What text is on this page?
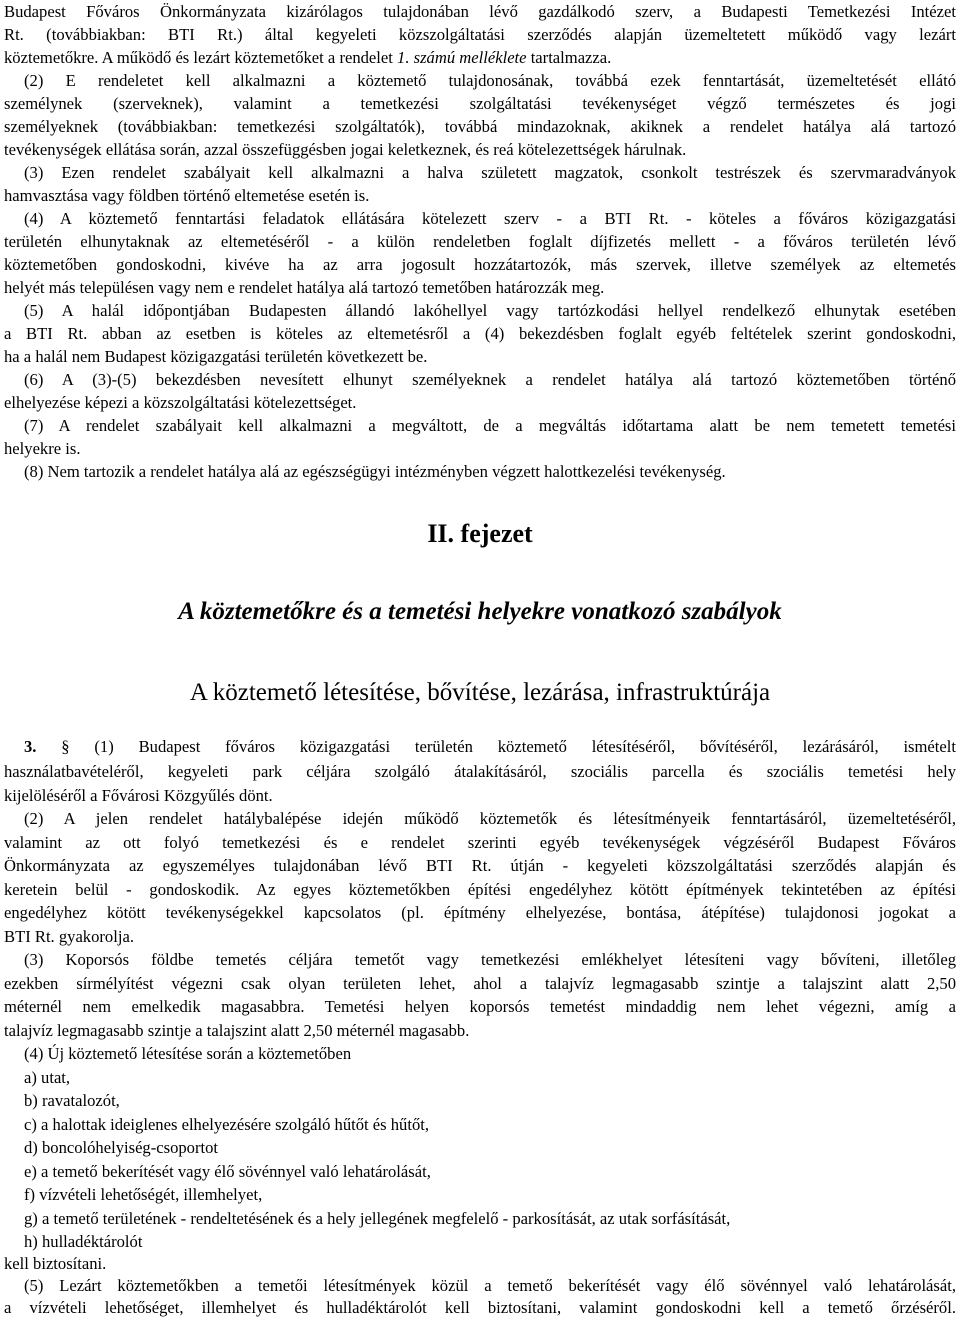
Budapest Főváros Önkormányzata kizárólagos tulajdonában lévő gazdálkodó szerv, a Budapesti Temetkezési Intézet
Rt. (továbbiakban: BTI Rt.) által kegyeleti közszolgáltatási szerződés alapján üzemeltetett működő vagy lezárt
köztemetőkre. A működő és lezárt köztemetőket a rendelet 1. számú melléklete tartalmazza.
(2) E rendeletet kell alkalmazni a köztemető tulajdonosának, továbbá ezek fenntartását, üzemeltetését ellátó
személynek (szerveknek), valamint a temetkezési szolgáltatási tevékenységet végző természetes és jogi
személyeknek (továbbiakban: temetkezési szolgáltatók), továbbá mindazoknak, akiknek a rendelet hatálya alá tartozó
tevékenységek ellátása során, azzal összefüggésben jogai keletkeznek, és reá kötelezettségek hárulnak.
(3) Ezen rendelet szabályait kell alkalmazni a halva született magzatok, csonkolt testrészek és szervmaradványok
hamvasztása vagy földben történő eltemetése esetén is.
(4) A köztemető fenntartási feladatok ellátására kötelezett szerv - a BTI Rt. - köteles a főváros közigazgatási
területén elhunytaknak az eltemetéséről - a külön rendeletben foglalt díjfizetés mellett - a főváros területén lévő
köztemetőben gondoskodni, kivéve ha az arra jogosult hozzátartozók, más szervek, illetve személyek az eltemetés
helyét más településen vagy nem e rendelet hatálya alá tartozó temetőben határozzák meg.
(5) A halál időpontjában Budapesten állandó lakóhellyel vagy tartózkodási hellyel rendelkező elhunytak esetében
a BTI Rt. abban az esetben is köteles az eltemetésről a (4) bekezdésben foglalt egyéb feltételek szerint gondoskodni,
ha a halál nem Budapest közigazgatási területén következett be.
(6) A (3)-(5) bekezdésben nevesített elhunyt személyeknek a rendelet hatálya alá tartozó köztemetőben történő
elhelyezése képezi a közszolgáltatási kötelezettséget.
(7) A rendelet szabályait kell alkalmazni a megváltott, de a megváltás időtartama alatt be nem temetett temetési
helyekre is.
(8) Nem tartozik a rendelet hatálya alá az egészségügyi intézményben végzett halottkezelési tevékenység.
II. fejezet
A köztemetőkre és a temetési helyekre vonatkozó szabályok
A köztemető létesítése, bővítése, lezárása, infrastruktúrája
3. § (1) Budapest főváros közigazgatási területén köztemető létesítéséről, bővítéséről, lezárásáról, ismételt
használatbavételéről, kegyeleti park céljára szolgáló átalakításáról, szociális parcella és szociális temetési hely
kijelöléséről a Fővárosi Közgyűlés dönt.
(2) A jelen rendelet hatálybalépése idején működő köztemetők és létesítményeik fenntartásáról, üzemeltetéséről,
valamint az ott folyó temetkezési és e rendelet szerinti egyéb tevékenységek végzéséről Budapest Főváros
Önkormányzata az egyszemélyes tulajdonában lévő BTI Rt. útján - kegyeleti közszolgáltatási szerződés alapján és
keretein belül - gondoskodik. Az egyes köztemetőkben építési engedélyhez kötött építmények tekintetében az építési
engedélyhez kötött tevékenységekkel kapcsolatos (pl. építmény elhelyezése, bontása, átépítése) tulajdonosi jogokat a
BTI Rt. gyakorolja.
(3) Koporsós földbe temetés céljára temetőt vagy temetkezési emlékhelyet létesíteni vagy bővíteni, illetőleg
ezekben sírmélyítést végezni csak olyan területen lehet, ahol a talajvíz legmagasabb szintje a talajszint alatt 2,50
méternél nem emelkedik magasabbra. Temetési helyen koporsós temetést mindaddig nem lehet végezni, amíg a
talajvíz legmagasabb szintje a talajszint alatt 2,50 méternél magasabb.
(4) Új köztemető létesítése során a köztemetőben
a) utat,
b) ravatalozót,
c) a halottak ideiglenes elhelyezésére szolgáló hűtőt és hűtőt,
d) boncolóhelyiség-csoportot
e) a temető bekerítését vagy élő sövénnyel való lehatárolását,
f) vízvételi lehetőségét, illemhelyet,
g) a temető területének - rendeltetésének és a hely jellegének megfelelő - parkosítását, az utak sorfásítását,
h) hulladéktárolót
kell biztosítani.
(5) Lezárt köztemetőkben a temetői létesítmények közül a temető bekerítését vagy élő sövénnyel való lehatárolását,
a vízvételi lehetőséget, illemhelyet és hulladéktárolót kell biztosítani, valamint gondoskodni kell a temető őrzéséről.
